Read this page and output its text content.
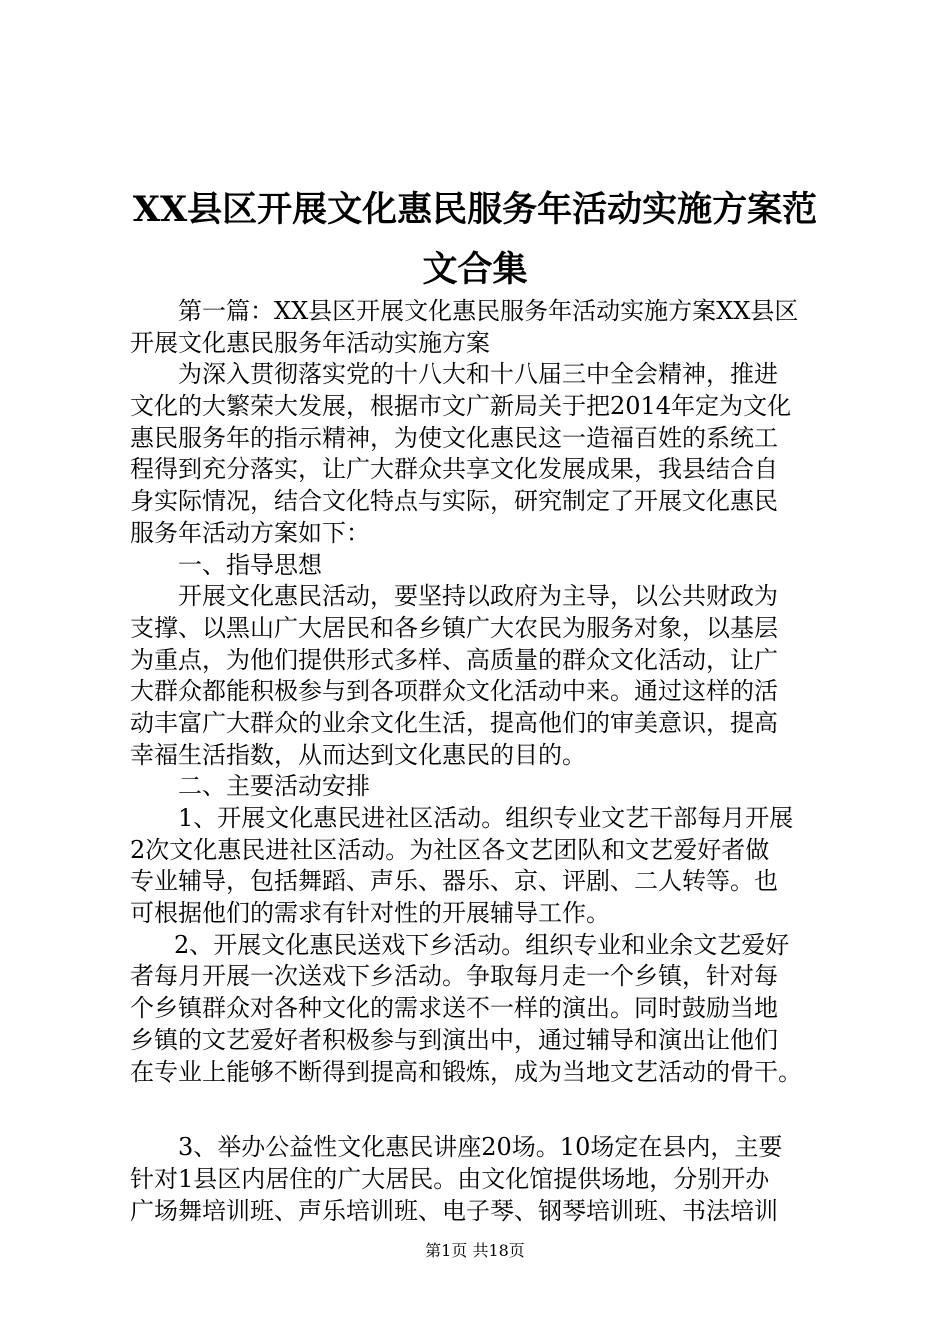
XX县区开展文化惠民服务年活动实施方案范
文合集
第一篇：XX县区开展文化惠民服务年活动实施方案XX县区
开展文化惠民服务年活动实施方案
为深入贯彻落实党的十八大和十八届三中全会精神，推进
文化的大繁荣大发展，根据市文广新局关于把2014年定为文化
惠民服务年的指示精神，为使文化惠民这一造福百姓的系统工
程得到充分落实，让广大群众共享文化发展成果，我县结合自
身实际情况，结合文化特点与实际，研究制定了开展文化惠民
服务年活动方案如下：
一、指导思想
开展文化惠民活动，要坚持以政府为主导，以公共财政为
支撑、以黑山广大居民和各乡镇广大农民为服务对象，以基层
为重点，为他们提供形式多样、高质量的群众文化活动，让广
大群众都能积极参与到各项群众文化活动中来。通过这样的活
动丰富广大群众的业余文化生活，提高他们的审美意识，提高
幸福生活指数，从而达到文化惠民的目的。
二、主要活动安排
1、开展文化惠民进社区活动。组织专业文艺干部每月开展
2次文化惠民进社区活动。为社区各文艺团队和文艺爱好者做
专业辅导，包括舞蹈、声乐、器乐、京、评剧、二人转等。也
可根据他们的需求有针对性的开展辅导工作。
2、开展文化惠民送戏下乡活动。组织专业和业余文艺爱好
者每月开展一次送戏下乡活动。争取每月走一个乡镇，针对每
个乡镇群众对各种文化的需求送不一样的演出。同时鼓励当地
乡镇的文艺爱好者积极参与到演出中，通过辅导和演出让他们
在专业上能够不断得到提高和锻炼，成为当地文艺活动的骨干。
3、举办公益性文化惠民讲座20场。10场定在县内，主要
针对1县区内居住的广大居民。由文化馆提供场地，分别开办
广场舞培训班、声乐培训班、电子琴、钢琴培训班、书法培训
第1页 共18页
